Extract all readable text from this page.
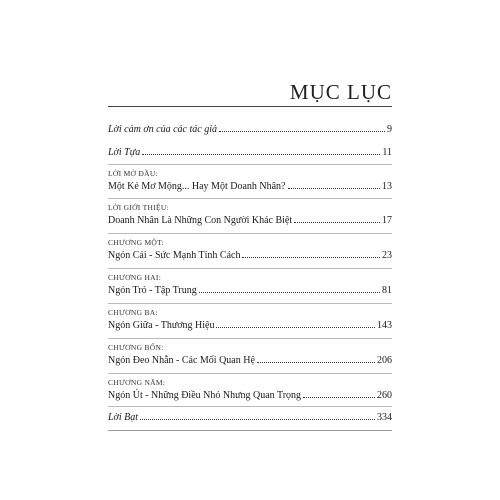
MỤC LỤC
Lời cảm ơn của các tác giả	9
Lời Tựa	11
LỜI MỞ ĐẦU:
Một Kẻ Mơ Mộng... Hay Một Doanh Nhân?	13
LỜI GIỚI THIỆU:
Doanh Nhân Là Những Con Người Khác Biệt	17
CHƯƠNG MỘT:
Ngón Cái - Sức Mạnh Tính Cách	23
CHƯƠNG HAI:
Ngón Trỏ - Tập Trung	81
CHƯƠNG BA:
Ngón Giữa - Thương Hiệu	143
CHƯƠNG BỐN:
Ngón Đeo Nhẫn - Các Mối Quan Hệ	206
CHƯƠNG NĂM:
Ngón Út - Những Điều Nhỏ Nhưng Quan Trọng	260
Lời Bạt	334
